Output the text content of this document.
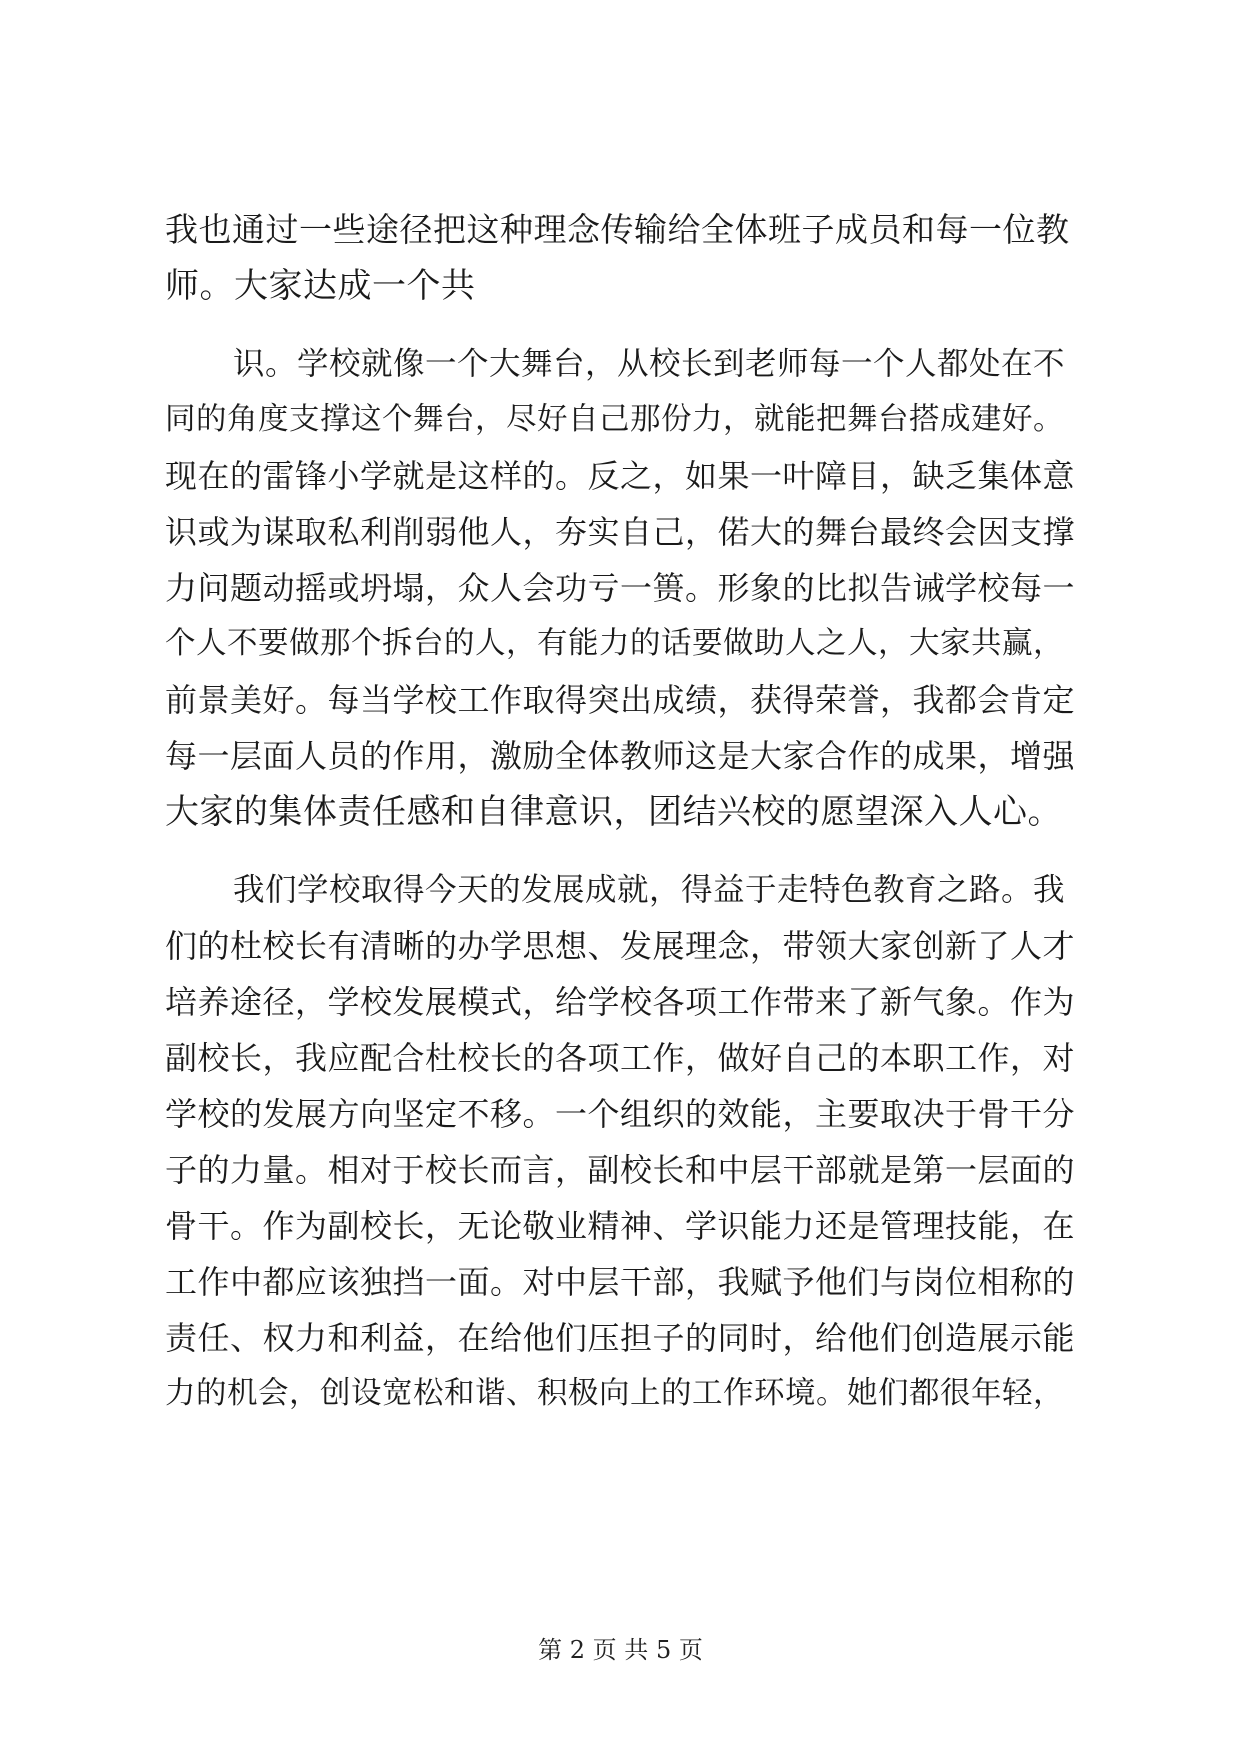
我也通过一些途径把这种理念传输给全体班子成员和每一位教
师。大家达成一个共
识。学校就像一个大舞台，从校长到老师每一个人都处在不
同的角度支撑这个舞台，尽好自己那份力，就能把舞台搭成建好。
现在的雷锋小学就是这样的。反之，如果一叶障目，缺乏集体意
识或为谋取私利削弱他人，夯实自己，偌大的舞台最终会因支撑
力问题动摇或坍塌，众人会功亏一篑。形象的比拟告诫学校每一
个人不要做那个拆台的人，有能力的话要做助人之人，大家共赢，
前景美好。每当学校工作取得突出成绩，获得荣誉，我都会肯定
每一层面人员的作用，激励全体教师这是大家合作的成果，增强
大家的集体责任感和自律意识，团结兴校的愿望深入人心。
我们学校取得今天的发展成就，得益于走特色教育之路。我
们的杜校长有清晰的办学思想、发展理念，带领大家创新了人才
培养途径，学校发展模式，给学校各项工作带来了新气象。作为
副校长，我应配合杜校长的各项工作，做好自己的本职工作，对
学校的发展方向坚定不移。一个组织的效能，主要取决于骨干分
子的力量。相对于校长而言，副校长和中层干部就是第一层面的
骨干。作为副校长，无论敬业精神、学识能力还是管理技能，在
工作中都应该独挡一面。对中层干部，我赋予他们与岗位相称的
责任、权力和利益，在给他们压担子的同时，给他们创造展示能
力的机会，创设宽松和谐、积极向上的工作环境。她们都很年轻，
第 2 页 共 5 页
